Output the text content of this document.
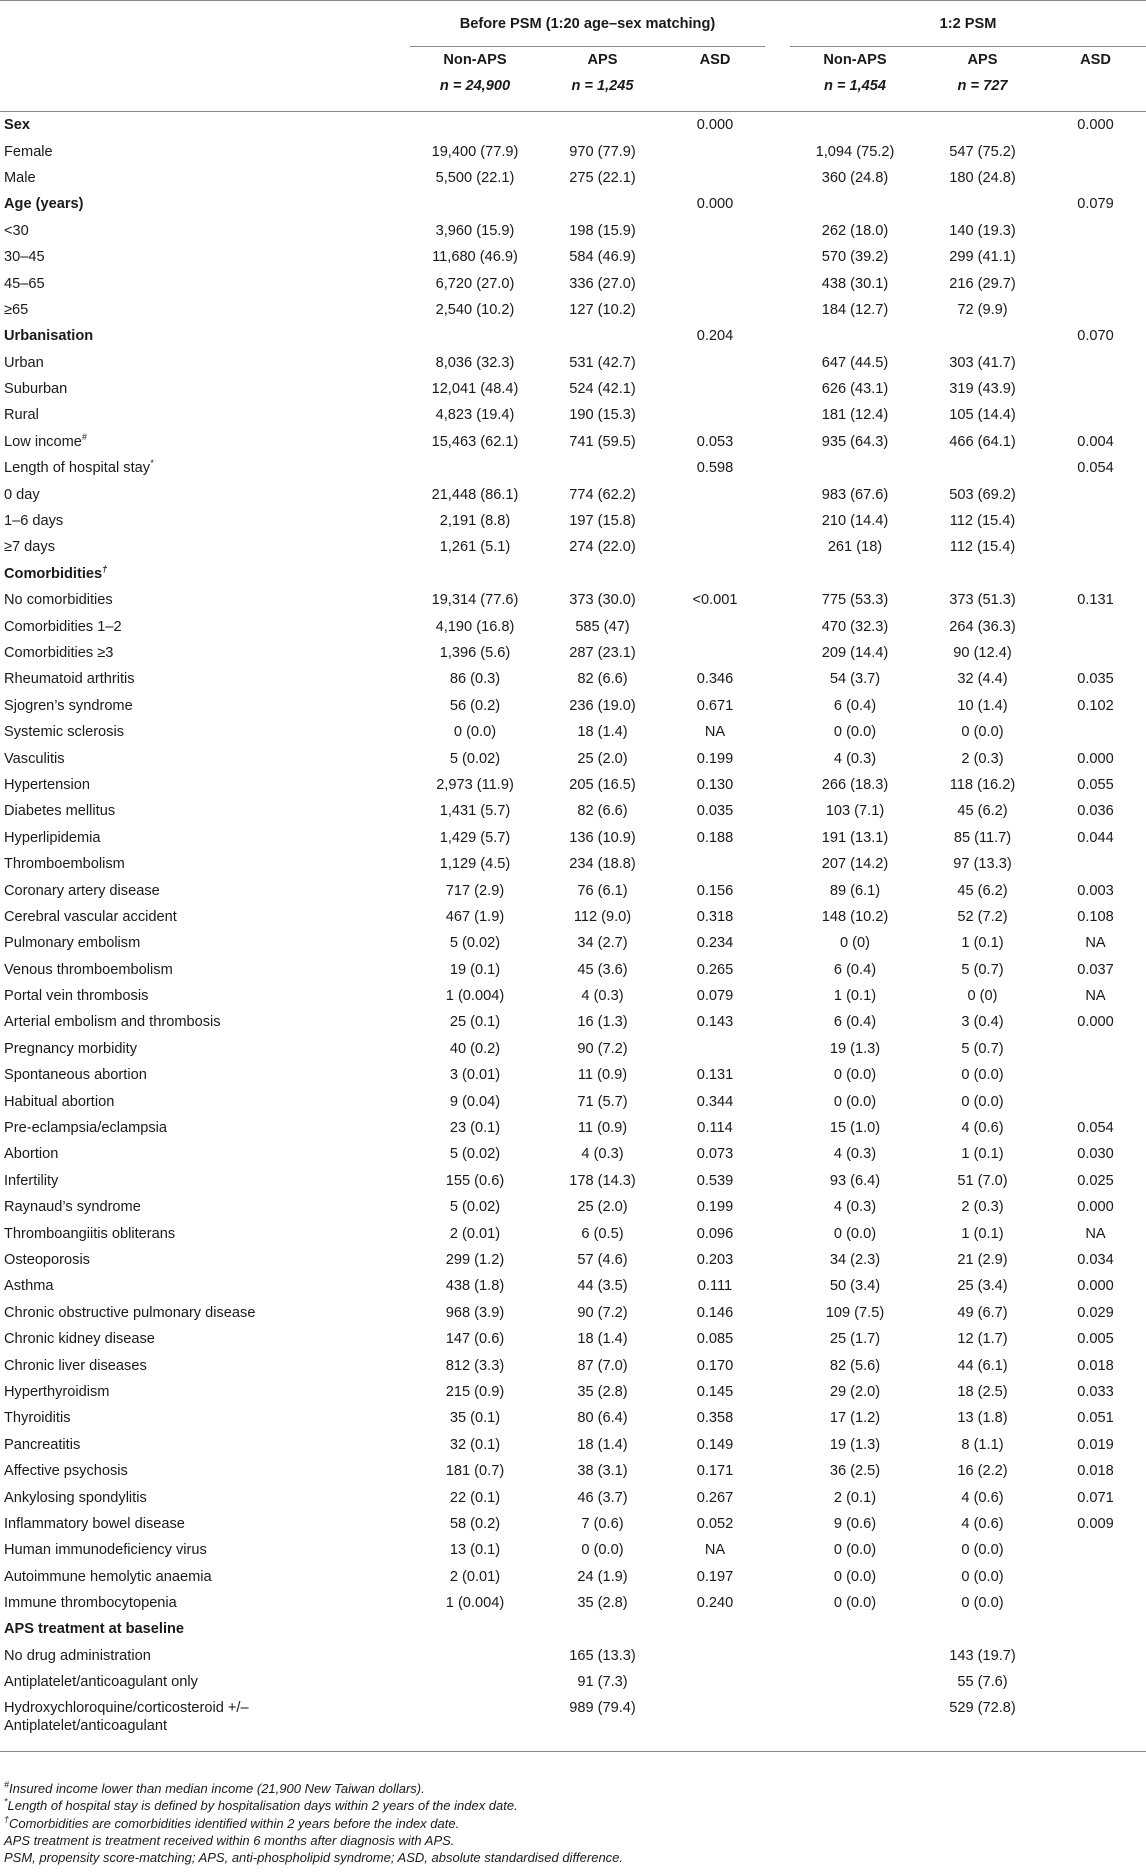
	Before PSM (1:20 age–sex matching)				1:2 PSM		
	Non-APS	APS	ASD		Non-APS	APS	ASD
	n = 24,900	n = 1,245			n = 1,454	n = 727	

Sex			0.000				0.000
Female	19,400 (77.9)	970 (77.9)			1,094 (75.2)	547 (75.2)	
Male	5,500 (22.1)	275 (22.1)			360 (24.8)	180 (24.8)	
Age (years)			0.000				0.079
<30	3,960 (15.9)	198 (15.9)			262 (18.0)	140 (19.3)	
30–45	11,680 (46.9)	584 (46.9)			570 (39.2)	299 (41.1)	
45–65	6,720 (27.0)	336 (27.0)			438 (30.1)	216 (29.7)	
≥65	2,540 (10.2)	127 (10.2)			184 (12.7)	72 (9.9)	
Urbanisation			0.204				0.070
Urban	8,036 (32.3)	531 (42.7)			647 (44.5)	303 (41.7)	
Suburban	12,041 (48.4)	524 (42.1)			626 (43.1)	319 (43.9)	
Rural	4,823 (19.4)	190 (15.3)			181 (12.4)	105 (14.4)	
Low income#	15,463 (62.1)	741 (59.5)	0.053		935 (64.3)	466 (64.1)	0.004
Length of hospital stay*			0.598				0.054
0 day	21,448 (86.1)	774 (62.2)			983 (67.6)	503 (69.2)	
1–6 days	2,191 (8.8)	197 (15.8)			210 (14.4)	112 (15.4)	
≥7 days	1,261 (5.1)	274 (22.0)			261 (18)	112 (15.4)	
Comorbidities†							
No comorbidities	19,314 (77.6)	373 (30.0)	<0.001		775 (53.3)	373 (51.3)	0.131
Comorbidities 1–2	4,190 (16.8)	585 (47)			470 (32.3)	264 (36.3)	
Comorbidities ≥3	1,396 (5.6)	287 (23.1)			209 (14.4)	90 (12.4)	
Rheumatoid arthritis	86 (0.3)	82 (6.6)	0.346		54 (3.7)	32 (4.4)	0.035
Sjogren’s syndrome	56 (0.2)	236 (19.0)	0.671		6 (0.4)	10 (1.4)	0.102
Systemic sclerosis	0 (0.0)	18 (1.4)	NA		0 (0.0)	0 (0.0)	
Vasculitis	5 (0.02)	25 (2.0)	0.199		4 (0.3)	2 (0.3)	0.000
Hypertension	2,973 (11.9)	205 (16.5)	0.130		266 (18.3)	118 (16.2)	0.055
Diabetes mellitus	1,431 (5.7)	82 (6.6)	0.035		103 (7.1)	45 (6.2)	0.036
Hyperlipidemia	1,429 (5.7)	136 (10.9)	0.188		191 (13.1)	85 (11.7)	0.044
Thromboembolism	1,129 (4.5)	234 (18.8)			207 (14.2)	97 (13.3)	
Coronary artery disease	717 (2.9)	76 (6.1)	0.156		89 (6.1)	45 (6.2)	0.003
Cerebral vascular accident	467 (1.9)	112 (9.0)	0.318		148 (10.2)	52 (7.2)	0.108
Pulmonary embolism	5 (0.02)	34 (2.7)	0.234		0 (0)	1 (0.1)	NA
Venous thromboembolism	19 (0.1)	45 (3.6)	0.265		6 (0.4)	5 (0.7)	0.037
Portal vein thrombosis	1 (0.004)	4 (0.3)	0.079		1 (0.1)	0 (0)	NA
Arterial embolism and thrombosis	25 (0.1)	16 (1.3)	0.143		6 (0.4)	3 (0.4)	0.000
Pregnancy morbidity	40 (0.2)	90 (7.2)			19 (1.3)	5 (0.7)	
Spontaneous abortion	3 (0.01)	11 (0.9)	0.131		0 (0.0)	0 (0.0)	
Habitual abortion	9 (0.04)	71 (5.7)	0.344		0 (0.0)	0 (0.0)	
Pre-eclampsia/eclampsia	23 (0.1)	11 (0.9)	0.114		15 (1.0)	4 (0.6)	0.054
Abortion	5 (0.02)	4 (0.3)	0.073		4 (0.3)	1 (0.1)	0.030
Infertility	155 (0.6)	178 (14.3)	0.539		93 (6.4)	51 (7.0)	0.025
Raynaud’s syndrome	5 (0.02)	25 (2.0)	0.199		4 (0.3)	2 (0.3)	0.000
Thromboangiitis obliterans	2 (0.01)	6 (0.5)	0.096		0 (0.0)	1 (0.1)	NA
Osteoporosis	299 (1.2)	57 (4.6)	0.203		34 (2.3)	21 (2.9)	0.034
Asthma	438 (1.8)	44 (3.5)	0.111		50 (3.4)	25 (3.4)	0.000
Chronic obstructive pulmonary disease	968 (3.9)	90 (7.2)	0.146		109 (7.5)	49 (6.7)	0.029
Chronic kidney disease	147 (0.6)	18 (1.4)	0.085		25 (1.7)	12 (1.7)	0.005
Chronic liver diseases	812 (3.3)	87 (7.0)	0.170		82 (5.6)	44 (6.1)	0.018
Hyperthyroidism	215 (0.9)	35 (2.8)	0.145		29 (2.0)	18 (2.5)	0.033
Thyroiditis	35 (0.1)	80 (6.4)	0.358		17 (1.2)	13 (1.8)	0.051
Pancreatitis	32 (0.1)	18 (1.4)	0.149		19 (1.3)	8 (1.1)	0.019
Affective psychosis	181 (0.7)	38 (3.1)	0.171		36 (2.5)	16 (2.2)	0.018
Ankylosing spondylitis	22 (0.1)	46 (3.7)	0.267		2 (0.1)	4 (0.6)	0.071
Inflammatory bowel disease	58 (0.2)	7 (0.6)	0.052		9 (0.6)	4 (0.6)	0.009
Human immunodeficiency virus	13 (0.1)	0 (0.0)	NA		0 (0.0)	0 (0.0)	
Autoimmune hemolytic anaemia	2 (0.01)	24 (1.9)	0.197		0 (0.0)	0 (0.0)	
Immune thrombocytopenia	1 (0.004)	35 (2.8)	0.240		0 (0.0)	0 (0.0)	
APS treatment at baseline							
No drug administration		165 (13.3)				143 (19.7)	
Antiplatelet/anticoagulant only		91 (7.3)				55 (7.6)	
Hydroxychloroquine/corticosteroid +/– Antiplatelet/anticoagulant		989 (79.4)				529 (72.8)	

#Insured income lower than median income (21,900 New Taiwan dollars).
*Length of hospital stay is defined by hospitalisation days within 2 years of the index date.
†Comorbidities are comorbidities identified within 2 years before the index date.
APS treatment is treatment received within 6 months after diagnosis with APS.
PSM, propensity score-matching; APS, anti-phospholipid syndrome; ASD, absolute standardised difference.
